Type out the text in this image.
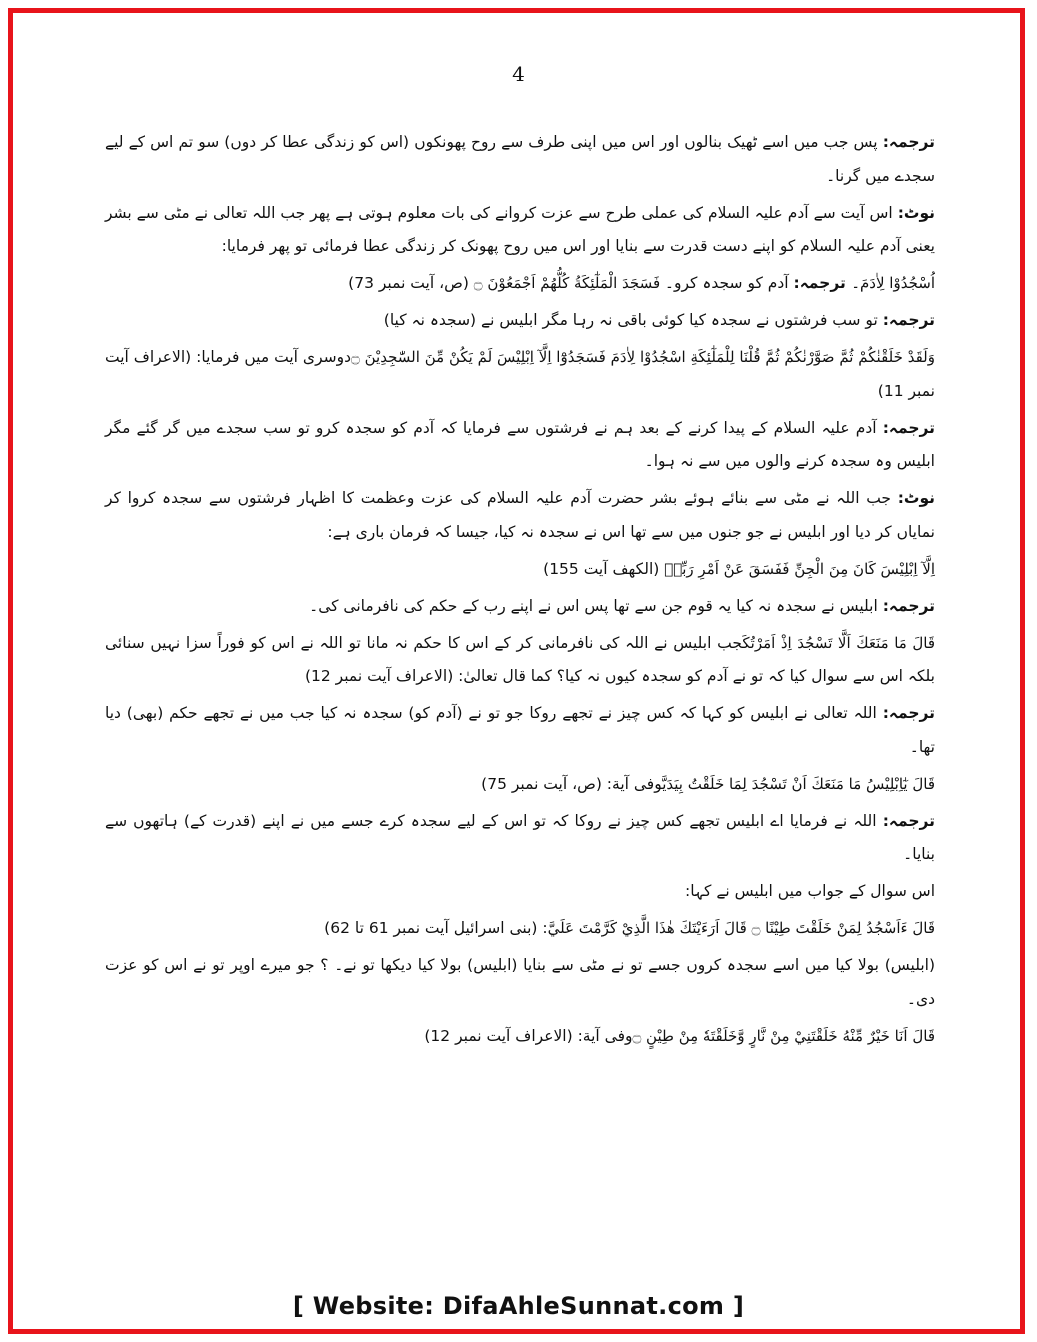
4

ترجمہ: پس جب میں اسے ٹھیک بنالوں اور اس میں اپنی طرف سے روح پھونکوں (اس کو زندگی عطا کر دوں) سو تم اس کے لیے سجدے میں گرنا۔

نوٹ: اس آیت سے آدم علیہ السلام کی عملی طرح سے عزت کروانے کی بات معلوم ہوتی ہے پھر جب اللہ تعالی نے مٹی سے بشر یعنی آدم علیہ السلام کو اپنے دست قدرت سے بنایا اور اس میں روح پھونک کر زندگی عطا فرمائی تو پھر فرمایا:

اُسْجُدُوْا لِاٰدَمَ۔ ترجمہ: آدم کو سجدہ کرو۔ فَسَجَدَ الْمَلٰٓئِكَةُ كُلُّهُمْ اَجْمَعُوْنَ ۝ (ص، آیت نمبر 73)

ترجمہ: تو سب فرشتوں نے سجدہ کیا کوئی باقی نہ رہا مگر ابلیس نے (سجدہ نہ کیا)

وَلَقَدْ خَلَقْنٰكُمْ ثُمَّ صَوَّرْنٰكُمْ ثُمَّ قُلْنَا لِلْمَلٰٓئِكَةِ اسْجُدُوْا لِاٰدَمَ فَسَجَدُوْٓا اِلَّآ اِبْلِيْسَ لَمْ يَكُنْ مِّنَ السّٰجِدِيْنَ ۝دوسری آیت میں فرمایا: (الاعراف آیت نمبر 11)

ترجمہ: آدم علیہ السلام کے پیدا کرنے کے بعد ہم نے فرشتوں سے فرمایا کہ آدم کو سجدہ کرو تو سب سجدے میں گر گئے مگر ابلیس وہ سجدہ کرنے والوں میں سے نہ ہوا۔

نوٹ: جب اللہ نے مٹی سے بنائے ہوئے بشر حضرت آدم علیہ السلام کی عزت وعظمت کا اظہار فرشتوں سے سجدہ کروا کر نمایاں کر دیا اور ابلیس نے جو جنوں میں سے تھا اس نے سجدہ نہ کیا، جیسا کہ فرمان باری ہے:

اِلَّآ اِبْلِيْسَ كَانَ مِنَ الْجِنِّ فَفَسَقَ عَنْ اَمْرِ رَبِّهٖ (الکھف آیت 155)

ترجمہ: ابلیس نے سجدہ نہ کیا یہ قوم جن سے تھا پس اس نے اپنے رب کے حکم کی نافرمانی کی۔

قَالَ مَا مَنَعَكَ اَلَّا تَسْجُدَ اِذْ اَمَرْتُكَجب ابلیس نے اللہ کی نافرمانی کر کے اس کا حکم نہ مانا تو اللہ نے اس کو فوراً سزا نہیں سنائی بلکہ اس سے سوال کیا کہ تو نے آدم کو سجدہ کیوں نہ کیا؟ کما قال تعالیٰ: (الاعراف آیت نمبر 12)

ترجمہ: اللہ تعالی نے ابلیس کو کہا کہ کس چیز نے تجھے روکا جو تو نے (آدم کو) سجدہ نہ کیا جب میں نے تجھے حکم (بھی) دیا تھا۔

قَالَ يٰٓاِبْلِيْسُ مَا مَنَعَكَ اَنْ تَسْجُدَ لِمَا خَلَقْتُ بِيَدَيَّوفی آیة: (ص، آیت نمبر 75)

ترجمہ: اللہ نے فرمایا اے ابلیس تجھے کس چیز نے روکا کہ تو اس کے لیے سجدہ کرے جسے میں نے اپنے (قدرت کے) ہاتھوں سے بنایا۔

اس سوال کے جواب میں ابلیس نے کہا:

قَالَ ءَاَسْجُدُ لِمَنْ خَلَقْتَ طِيْنًا ۝ قَالَ اَرَءَيْتَكَ هٰذَا الَّذِيْ كَرَّمْتَ عَلَيَّ: (بنی اسرائیل آیت نمبر 61 تا 62)

(ابلیس) بولا کیا میں اسے سجدہ کروں جسے تو نے مٹی سے بنایا (ابلیس) بولا کیا دیکھا تو نے۔ ؟ جو میرے اوپر تو نے اس کو عزت دی۔

قَالَ اَنَا خَيْرٌ مِّنْهُ خَلَقْتَنِيْ مِنْ نَّارٍ وَّخَلَقْتَهٗ مِنْ طِيْنٍ ۝وفی آیة: (الاعراف آیت نمبر 12)

[ Website: DifaAhleSunnat.com ]
